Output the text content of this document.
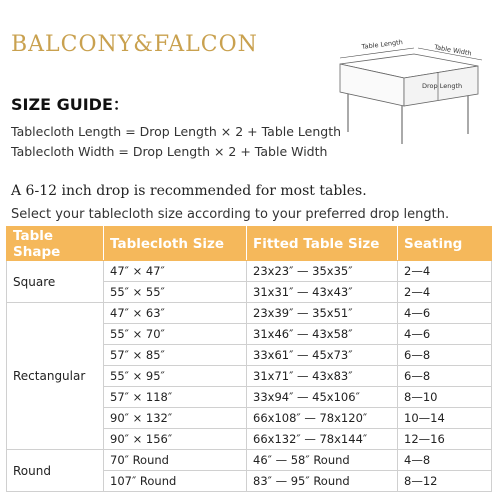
BALCONY&FALCON	Table Length	Table Width
Drop Length
SIZE GUIDE：
Tablecloth Length = Drop Length × 2 + Table Length
Tablecloth Width = Drop Length × 2 + Table Width
A 6-12 inch drop is recommended for most tables.
Select your tablecloth size according to your preferred drop length.
Table Shape	Tablecloth Size	Fitted Table Size	Seating
Square	47″ × 47″	23x23″ — 35x35″	2—4
	55″ × 55″	31x31″ — 43x43″	2—4
Rectangular	47″ × 63″	23x39″ — 35x51″	4—6
	55″ × 70″	31x46″ — 43x58″	4—6
	57″ × 85″	33x61″ — 45x73″	6—8
	55″ × 95″	31x71″ — 43x83″	6—8
	57″ × 118″	33x94″ — 45x106″	8—10
	90″ × 132″	66x108″ — 78x120″	10—14
	90″ × 156″	66x132″ — 78x144″	12—16
Round	70″ Round	46″ — 58″ Round	4—8
	107″ Round	83″ — 95″ Round	8—12
